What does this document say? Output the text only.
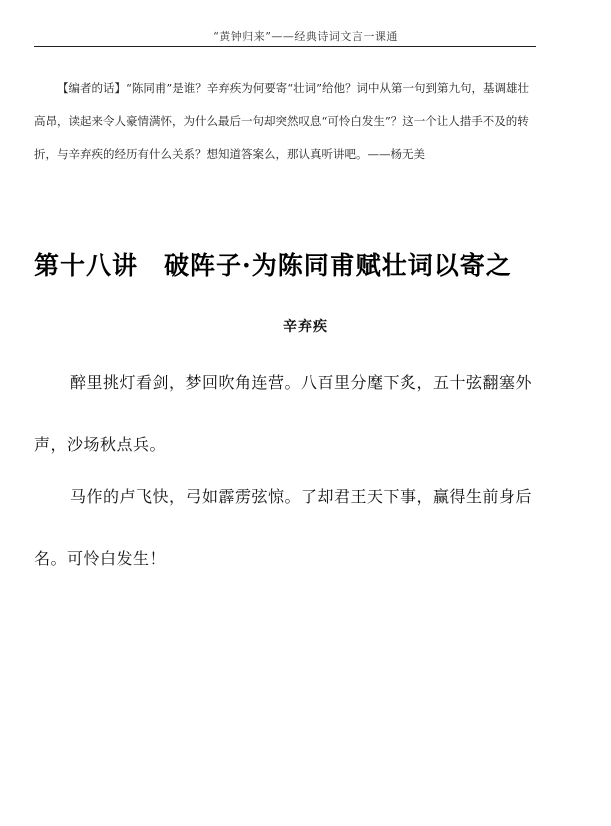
“黄钟归来”——经典诗词文言一课通

【编者的话】“陈同甫”是谁？辛弃疾为何要寄“壮词”给他？词中从第一句到第九句，基调雄壮高昂，读起来令人豪情满怀，为什么最后一句却突然叹息“可怜白发生”？这一个让人措手不及的转折，与辛弃疾的经历有什么关系？想知道答案么，那认真听讲吧。——杨无美

第十八讲　破阵子·为陈同甫赋壮词以寄之

辛弃疾

醉里挑灯看剑，梦回吹角连营。八百里分麾下炙，五十弦翻塞外声，沙场秋点兵。

马作的卢飞快，弓如霹雳弦惊。了却君王天下事，赢得生前身后名。可怜白发生！
